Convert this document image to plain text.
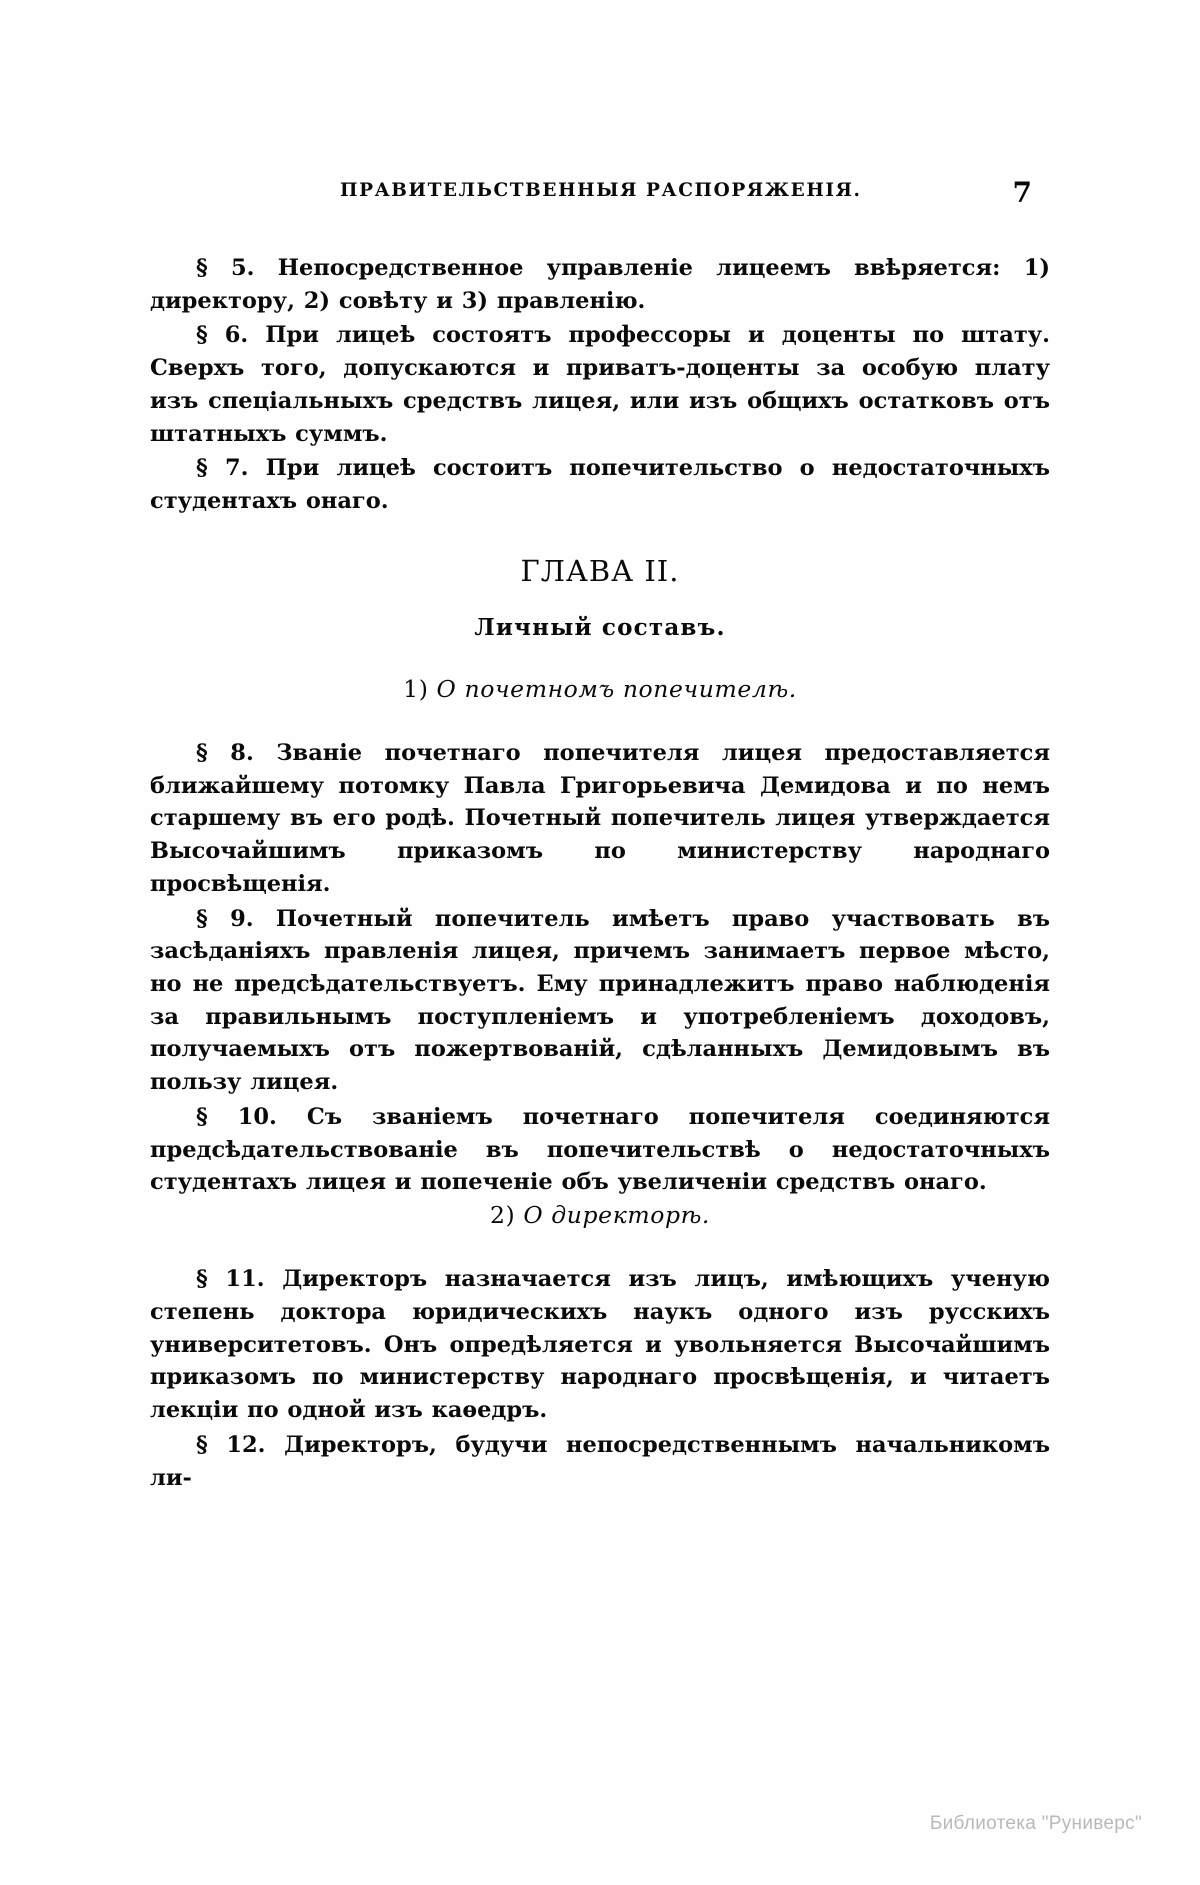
ПРАВИТЕЛЬСТВЕННЫЯ РАСПОРЯЖЕНІЯ.	7

§ 5. Непосредственное управленіе лицеемъ ввѣряется: 1) директору, 2) совѣту и 3) правленію.

§ 6. При лицеѣ состоятъ профессоры и доценты по штату. Сверхъ того, допускаются и приватъ-доценты за особую плату изъ спеціальныхъ средствъ лицея, или изъ общихъ остатковъ отъ штатныхъ суммъ.

§ 7. При лицеѣ состоитъ попечительство о недостаточныхъ студентахъ онаго.

ГЛАВА II.
Личный составъ.
1) О почетномъ попечителѣ.

§ 8. Званіе почетнаго попечителя лицея предоставляется ближайшему потомку Павла Григорьевича Демидова и по немъ старшему въ его родѣ. Почетный попечитель лицея утверждается Высочайшимъ приказомъ по министерству народнаго просвѣщенія.

§ 9. Почетный попечитель имѣетъ право участвовать въ засѣданіяхъ правленія лицея, причемъ занимаетъ первое мѣсто, но не предсѣдательствуетъ. Ему принадлежитъ право наблюденія за правильнымъ поступленіемъ и употребленіемъ доходовъ, получаемыхъ отъ пожертвованій, сдѣланныхъ Демидовымъ въ пользу лицея.

§ 10. Съ званіемъ почетнаго попечителя соединяются предсѣдательствованіе въ попечительствѣ о недостаточныхъ студентахъ лицея и попеченіе объ увеличеніи средствъ онаго.

2) О директорѣ.

§ 11. Директоръ назначается изъ лицъ, имѣющихъ ученую степень доктора юридическихъ наукъ одного изъ русскихъ университетовъ. Онъ опредѣляется и увольняется Высочайшимъ приказомъ по министерству народнаго просвѣщенія, и читаетъ лекціи по одной изъ каѳедръ.

§ 12. Директоръ, будучи непосредственнымъ начальникомъ ли-

Библиотека "Руниверс"
